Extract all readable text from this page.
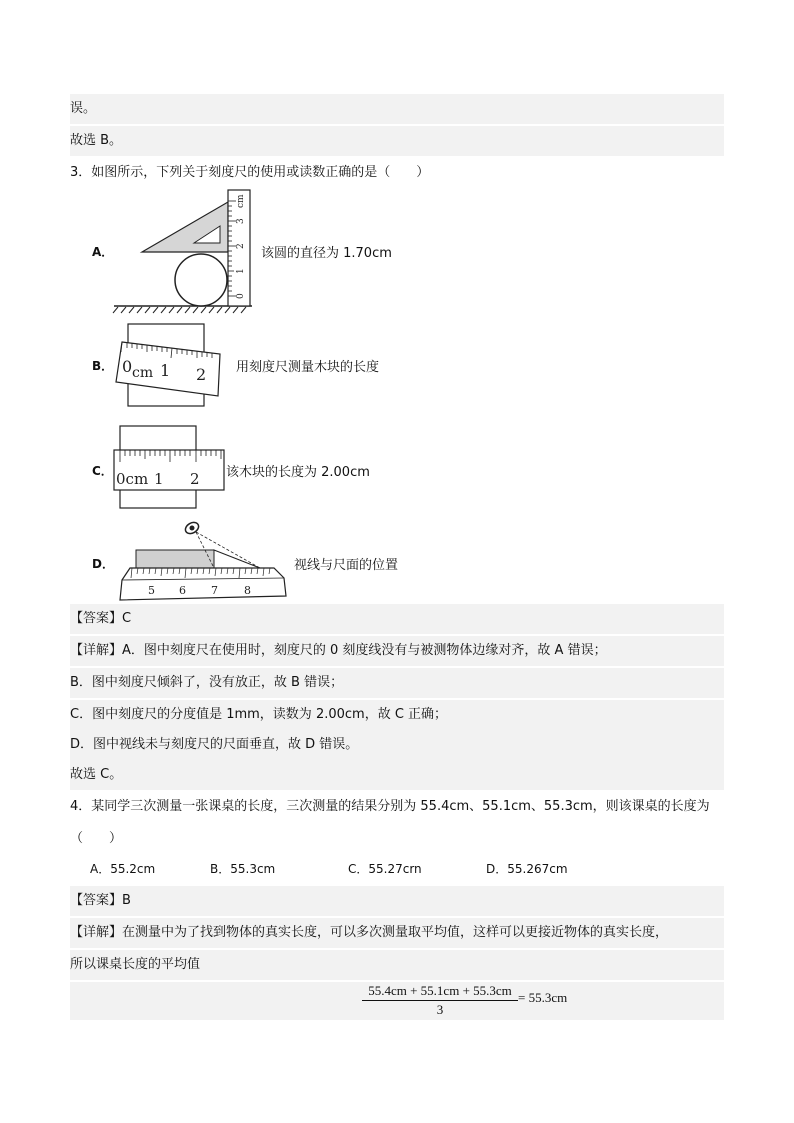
误。
故选 B。
3．如图所示，下列关于刻度尺的使用或读数正确的是（　　）
A．
0
1
2
3
cm
该圆的直径为 1.70cm
B． 0 1 2
cm	用刻度尺测量木块的长度
C． 0cm 1 2 该木块的长度为 2.00cm
D．
5 6 7 8
视线与尺面的位置
【答案】C
【详解】A．图中刻度尺在使用时，刻度尺的 0 刻度线没有与被测物体边缘对齐，故 A 错误；
B．图中刻度尺倾斜了，没有放正，故 B 错误；
C．图中刻度尺的分度值是 1mm，读数为 2.00cm，故 C 正确；
D．图中视线未与刻度尺的尺面垂直，故 D 错误。
故选 C。
4．某同学三次测量一张课桌的长度，三次测量的结果分别为 55.4cm、55.1cm、55.3cm，则该课桌的长度为
（　　）
A．55.2cm	B．55.3cm	C．55.27crn	D．55.267cm
【答案】B
【详解】在测量中为了找到物体的真实长度，可以多次测量取平均值，这样可以更接近物体的真实长度，
所以课桌长度的平均值
$\frac{55.4cm + 55.1cm + 55.3cm}{3} = 55.3cm$
